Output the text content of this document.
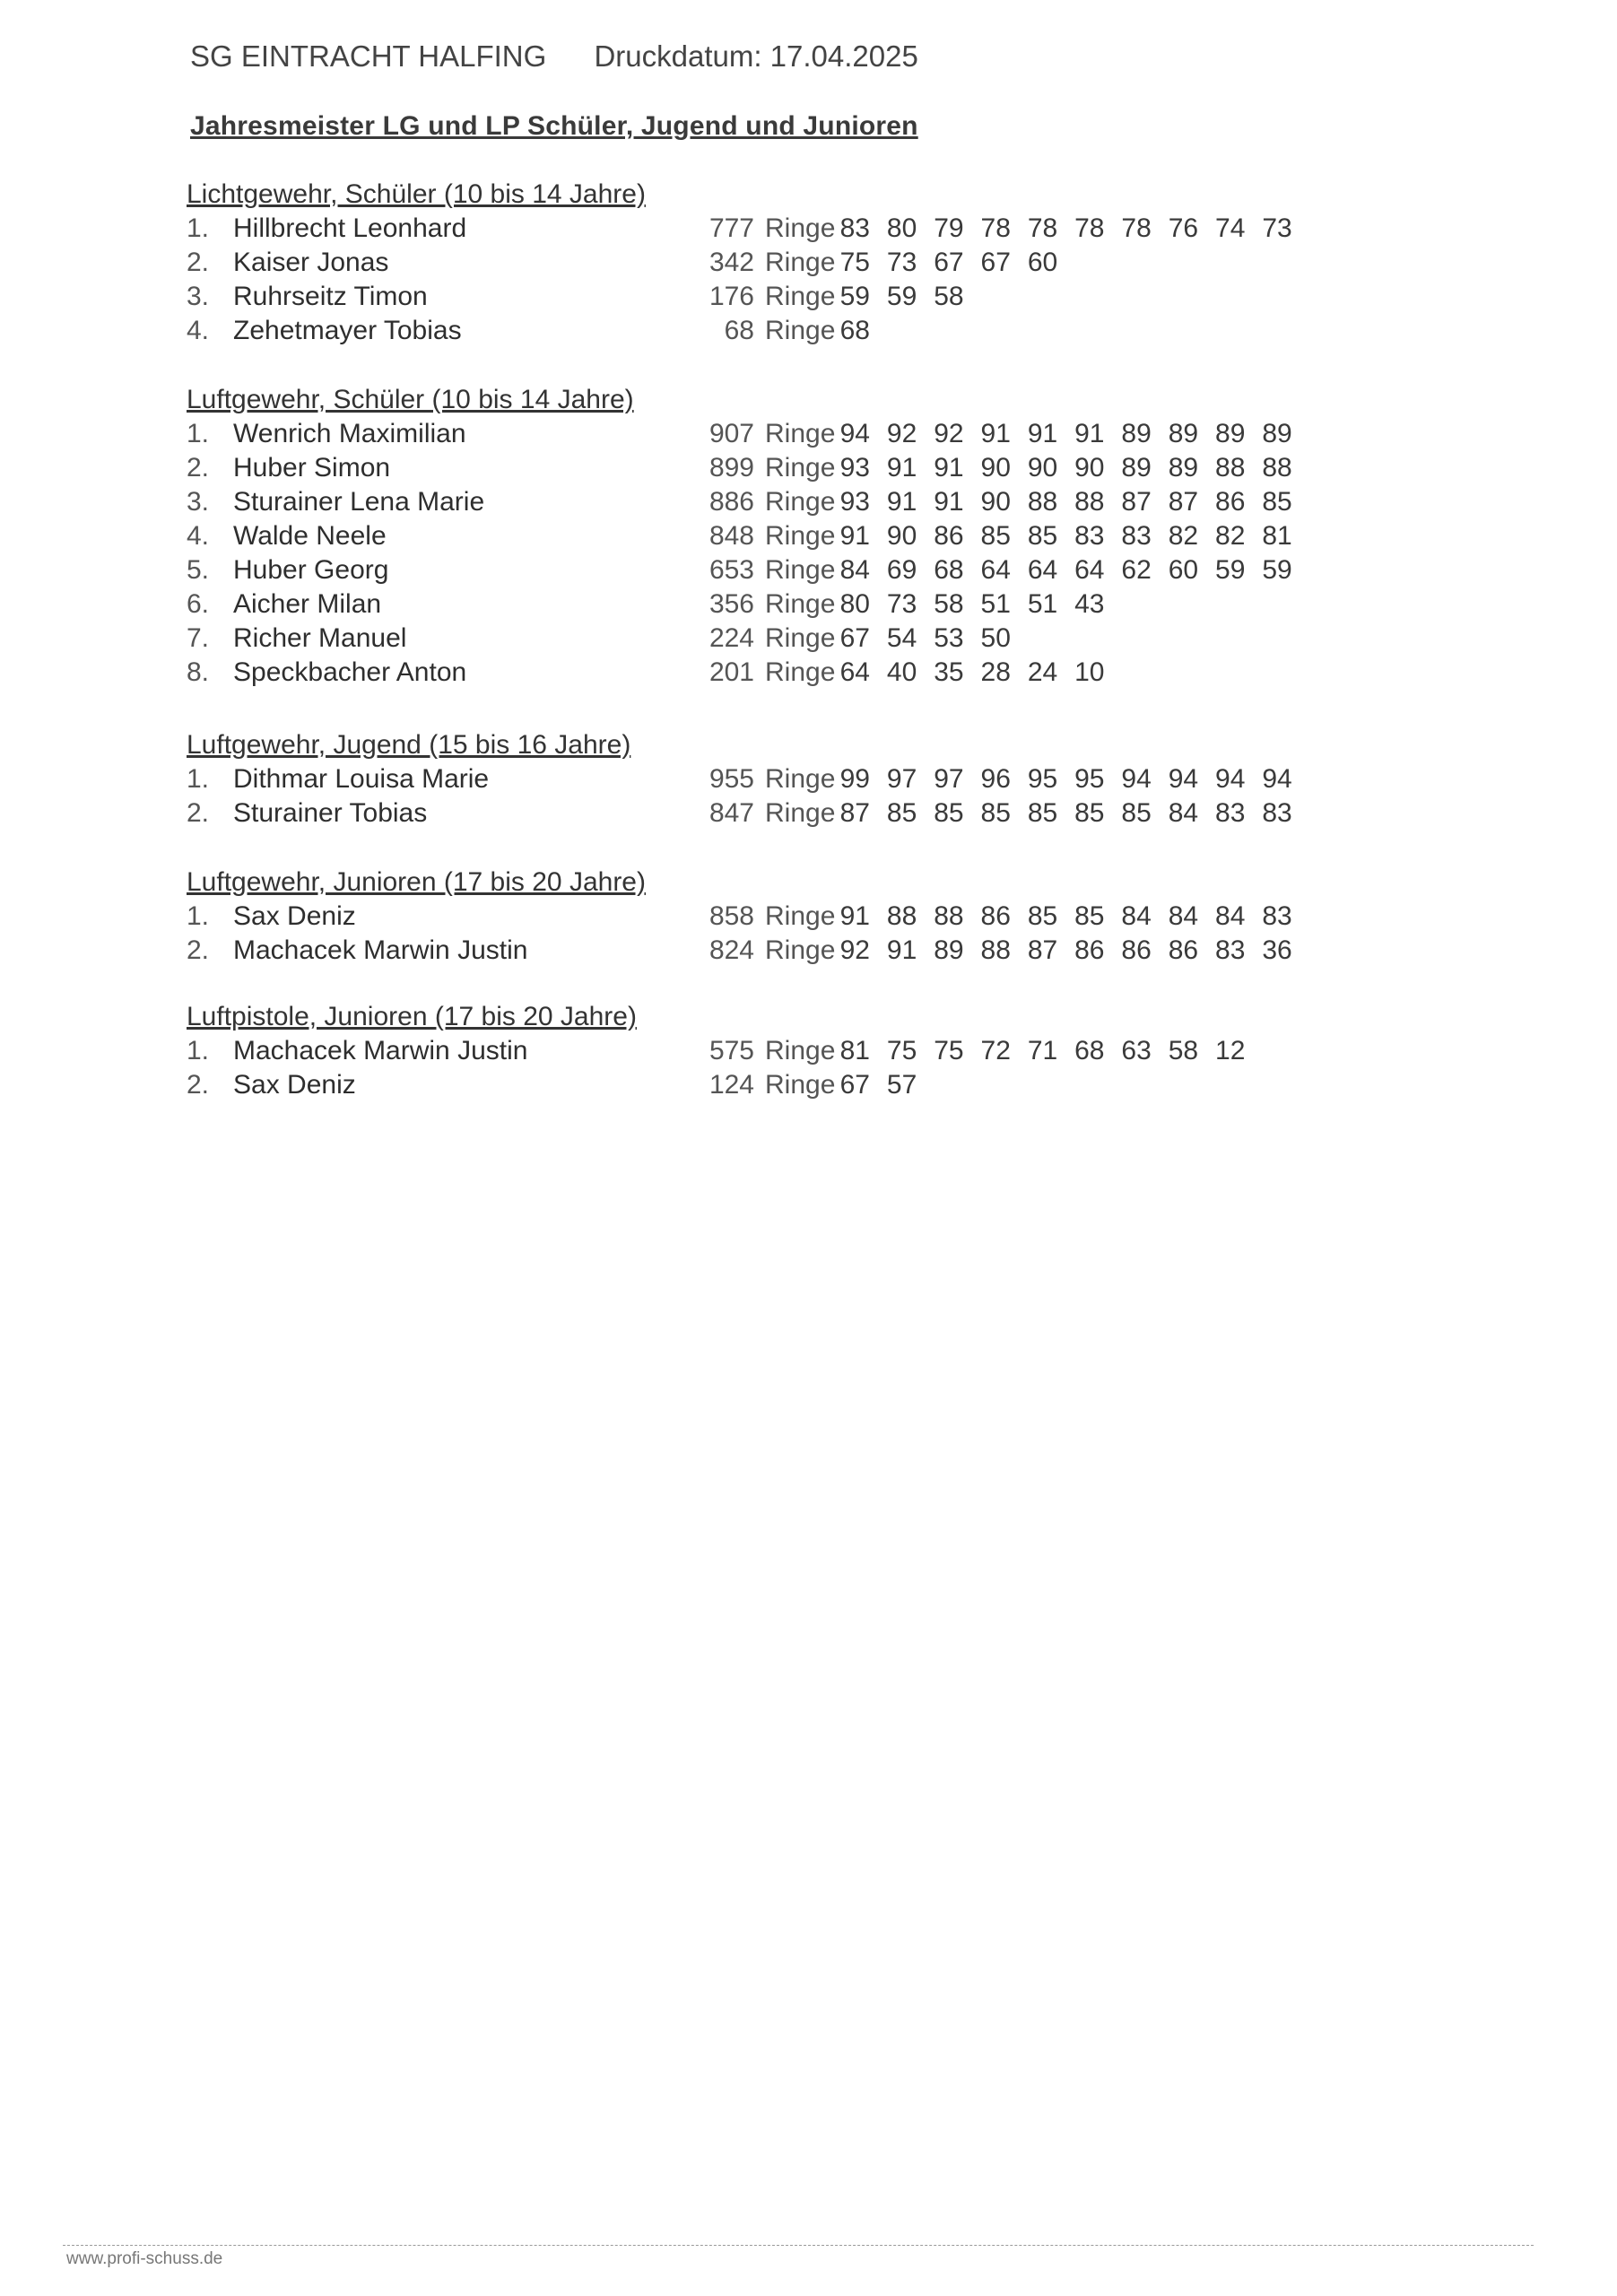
SG EINTRACHT HALFING Druckdatum: 17.04.2025
Jahresmeister LG und LP Schüler, Jugend und Junioren
Lichtgewehr, Schüler (10 bis 14 Jahre)
1. Hillbrecht Leonhard	777 Ringe 83 80 79 78 78 78 78 76 74 73
2. Kaiser Jonas	342 Ringe 75 73 67 67 60
3. Ruhrseitz Timon	176 Ringe 59 59 58
4. Zehetmayer Tobias	68 Ringe 68
Luftgewehr, Schüler (10 bis 14 Jahre)
1. Wenrich Maximilian	907 Ringe 94 92 92 91 91 91 89 89 89 89
2. Huber Simon	899 Ringe 93 91 91 90 90 90 89 89 88 88
3. Sturainer Lena Marie	886 Ringe 93 91 91 90 88 88 87 87 86 85
4. Walde Neele	848 Ringe 91 90 86 85 85 83 83 82 82 81
5. Huber Georg	653 Ringe 84 69 68 64 64 64 62 60 59 59
6. Aicher Milan	356 Ringe 80 73 58 51 51 43
7. Richer Manuel	224 Ringe 67 54 53 50
8. Speckbacher Anton	201 Ringe 64 40 35 28 24 10
Luftgewehr, Jugend (15 bis 16 Jahre)
1. Dithmar Louisa Marie	955 Ringe 99 97 97 96 95 95 94 94 94 94
2. Sturainer Tobias	847 Ringe 87 85 85 85 85 85 85 84 83 83
Luftgewehr, Junioren (17 bis 20 Jahre)
1. Sax Deniz	858 Ringe 91 88 88 86 85 85 84 84 84 83
2. Machacek Marwin Justin	824 Ringe 92 91 89 88 87 86 86 86 83 36
Luftpistole, Junioren (17 bis 20 Jahre)
1. Machacek Marwin Justin	575 Ringe 81 75 75 72 71 68 63 58 12
2. Sax Deniz	124 Ringe 67 57
www.profi-schuss.de
